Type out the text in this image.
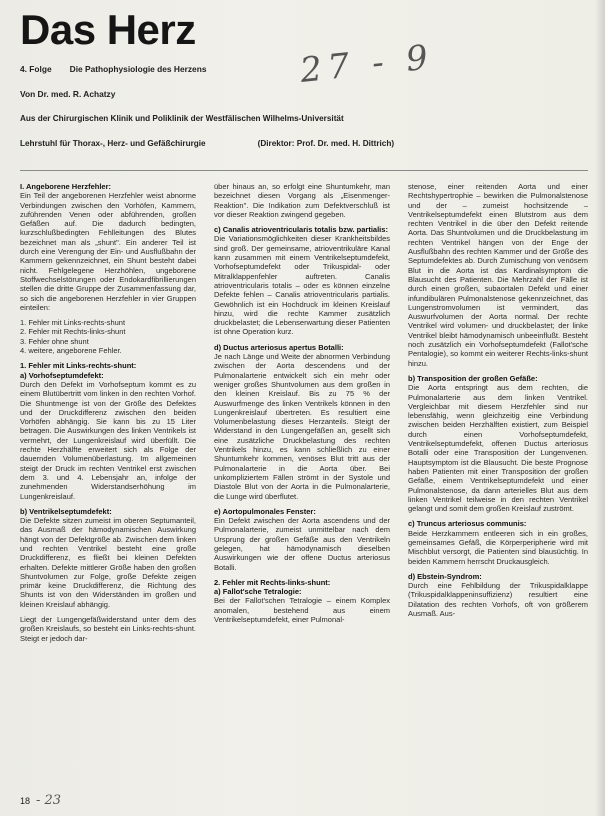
Das Herz
27 - 9
4. Folge Die Pathophysiologie des Herzens
Von Dr. med. R. Achatzy
Aus der Chirurgischen Klinik und Poliklinik der Westfälischen Wilhelms-Universität
Lehrstuhl für Thorax-, Herz- und Gefäßchirurgie	(Direktor: Prof. Dr. med. H. Dittrich)
I. Angeborene Herzfehler:

Ein Teil der angeborenen Herzfehler weist abnorme Verbindungen zwischen den Vorhöfen, Kammern, zuführenden Venen oder abführenden, großen Gefäßen auf. Die dadurch bedingten, kurzschlußbedingten Fehlleitungen des Blutes bezeichnet man als „shunt". Ein anderer Teil ist durch eine Verengung der Ein- und Ausflußbahn der Kammern gekennzeichnet, ein Shunt besteht dabei nicht. Fehlgelegene Herzhöhlen, ungeborene Stoffwechselstörungen oder Endokardfibrillierungen stellen die dritte Gruppe der Zusammenfassung dar, so sich die angeborenen Herzfehler in vier Gruppen einteilen:

1. Fehler mit Links-rechts-shunt
2. Fehler mit Rechts-links-shunt
3. Fehler ohne shunt
4. weitere, angeborene Fehler.
1. Fehler mit Links-rechts-shunt:
a) Vorhofseptumdefekt:

Durch den Defekt im Vorhofseptum kommt es zu einem Blutübertritt vom linken in den rechten Vorhof. Die Shuntmenge ist von der Größe des Defektes und der Druckdifferenz zwischen den beiden Vorhöfen abhängig. Sie kann bis zu 15 Liter betragen. Die Auswirkungen des linken Ventrikels ist vermehrt, der Lungenkreislauf wird überfüllt. Die rechte Herzhälfte erweitert sich als Folge der dauernden Volumenüberlastung. Im allgemeinen steigt der Druck im rechten Ventrikel erst zwischen dem 3. und 4. Lebensjahr an, infolge der zunehmenden Widerstandserhöhung im Lungenkreislauf.

b) Ventrikelseptumdefekt:

Die Defekte sitzen zumeist im oberen Septumanteil, das Ausmaß der hämodynamischen Auswirkung hängt von der Defektgröße ab. Zwischen dem linken und rechten Ventrikel besteht eine große Druckdifferenz, es fließt bei kleinen Defekten erhalten. Defekte mittlerer Größe haben den großen Shuntvolumen zur Folge, große Defekte zeigen primär keine Druckdifferenz, die Richtung des Shunts ist von den Widerständen im großen und kleinen Kreislauf abhängig.

Liegt der Lungengefäßwiderstand unter dem des großen Kreislaufs, so besteht ein Links-rechts-shunt. Steigt er jedoch dar-

über hinaus an, so erfolgt eine Shuntumkehr, man bezeichnet diesen Vorgang als „Eisenmenger-Reaktion". Die Indikation zum Defektverschluß ist vor dieser Reaktion zwingend gegeben.

c) Canalis atrioventricularis totalis bzw. partialis:

Die Variationsmöglichkeiten dieser Krankheitsbildes sind groß. Der gemeinsame, atrioventrikuläre Kanal kann zusammen mit einem Ventrikelseptumdefekt, Vorhofseptumdefekt oder Trikuspidal- oder Mitralklappenfehler auftreten. Canalis atrioventricularis totalis – oder es können einzelne Defekte fehlen – Canalis atrioventricularis partialis. Gewöhnlich ist ein Hochdruck im kleinen Kreislauf hinzu, wird die rechte Kammer zusätzlich druckbelastet; die Lebenserwartung dieser Patienten ist ohne Operation kurz.

d) Ductus arteriosus apertus Botalli:

Je nach Länge und Weite der abnormen Verbindung zwischen der Aorta descendens und der Pulmonalarterie entwickelt sich ein mehr oder weniger großes Shuntvolumen aus dem großen in den kleinen Kreislauf. Bis zu 75 % der Auswurfmenge des linken Ventrikels können in den Lungenkreislauf übertreten. Es resultiert eine Volumenbelastung dieses Herzanteils. Steigt der Widerstand in den Lungengefäßen an, gesellt sich eine zusätzliche Druckbelastung des rechten Ventrikels hinzu, es kann schließlich zu einer Shuntumkehr kommen, venöses Blut tritt aus der Pulmonalarterie in die Aorta über. Bei unkompliziertem Fällen strömt in der Systole und Diastole Blut von der Aorta in die Pulmonalarterie, die Lunge wird überflutet.

e) Aortopulmonales Fenster:

Ein Defekt zwischen der Aorta ascendens und der Pulmonalarterie, zumeist unmittelbar nach dem Ursprung der großen Gefäße aus den Ventrikeln gelegen, hat hämodynamisch dieselben Auswirkungen wie der offene Ductus arteriosus Botalli.

2. Fehler mit Rechts-links-shunt:
a) Fallot'sche Tetralogie:

Bei der Fallot'schen Tetralogie – einem Komplex anomalen, bestehend aus einem Ventrikelseptumdefekt, einer Pulmonal-

stenose, einer reitenden Aorta und einer Rechtshypertrophie – bewirken die Pulmonalstenose und der – zumeist hochsitzende – Ventrikelseptumdefekt einen Blutstrom aus dem rechten Ventrikel in die über den Defekt reitende Aorta. Das Shuntvolumen und die Druckbelastung im rechten Ventrikel hängen von der Enge der Ausflußbahn des rechten Kammer und der Größe des Septumdefektes ab. Durch Zumischung von venösem Blut in die Aorta ist das Kardinalsymptom die Blausucht des Patienten. Die Mehrzahl der Fälle ist durch einen großen, subaortalen Defekt und einer infundibulären Pulmonalstenose gekennzeichnet, das Lungenstromvolumen ist vermindert, das Auswurfvolumen der Aorta normal. Der rechte Ventrikel wird volumen- und druckbelastet; der linke Ventrikel bleibt hämodynamisch unbeeinflußt. Besteht noch zusätzlich ein Vorhofseptumdefekt (Fallot'sche Pentalogie), so kommt ein weiterer Rechts-links-shunt hinzu.

b) Transposition der großen Gefäße:

Die Aorta entspringt aus dem rechten, die Pulmonalarterie aus dem linken Ventrikel. Vergleichbar mit diesem Herzfehler sind nur lebensfähig, wenn gleichzeitig eine Verbindung zwischen beiden Herzhälften existiert, zum Beispiel durch einen Vorhofseptumdefekt, Ventrikelseptumdefekt, offenen Ductus arteriosus Botalli oder eine Transposition der Lungenvenen. Hauptsymptom ist die Blausucht. Die beste Prognose haben Patienten mit einer Transposition der großen Gefäße, einem Ventrikelseptumdefekt und einer Pulmonalstenose, da dann arterielles Blut aus dem linken Ventrikel teilweise in den rechten Ventrikel gelangt und somit dem großen Kreislauf zuströmt.

c) Truncus arteriosus communis:

Beide Herzkammern entleeren sich in ein großes, gemeinsames Gefäß, die Körperperipherie wird mit Mischblut versorgt, die Patienten sind blausüchtig. In beiden Kammern herrscht Druckausgleich.

d) Ebstein-Syndrom:

Durch eine Fehlbildung der Trikuspidalklappe (Trikuspidalklappeninsuffizienz) resultiert eine Dilatation des rechten Vorhofs, oft von größerem Ausmaß. Aus-

18 - 23
